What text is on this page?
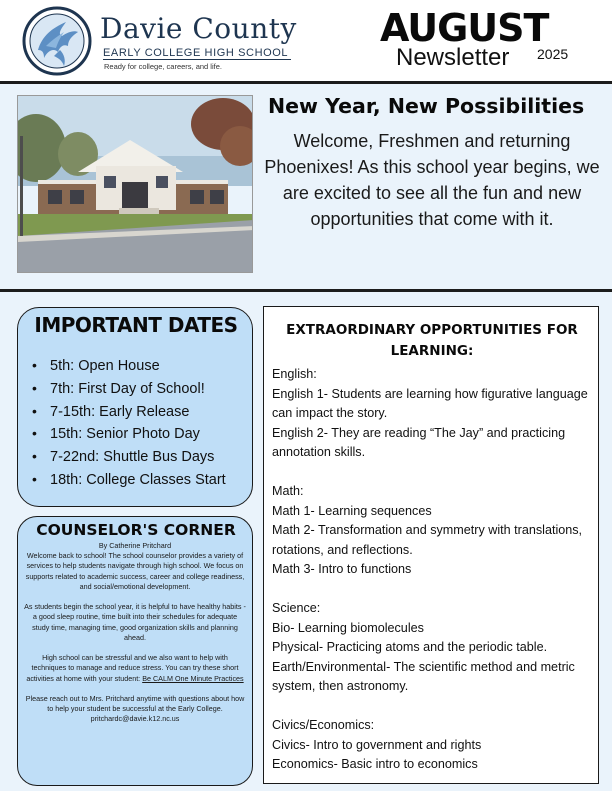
Davie County
EARLY COLLEGE HIGH SCHOOL
Ready for college, careers, and life.
AUGUST
Newsletter 2025
New Year, New Possibilities
Welcome, Freshmen and returning Phoenixes! As this school year begins, we are excited to see all the fun and new opportunities that come with it.
IMPORTANT DATES
• 5th: Open House
• 7th: First Day of School!
• 7-15th: Early Release
• 15th: Senior Photo Day
• 7-22nd: Shuttle Bus Days
• 18th: College Classes Start
COUNSELOR'S CORNER

By Catherine Pritchard

Welcome back to school! The school counselor provides a variety of services to help students navigate through high school. We focus on supports related to academic success, career and college readiness, and social/emotional development.

As students begin the school year, it is helpful to have healthy habits - a good sleep routine, time built into their schedules for adequate study time, managing time, good organization skills and planning ahead.

High school can be stressful and we also want to help with techniques to manage and reduce stress. You can try these short activities at home with your student: Be CALM One Minute Practices

Please reach out to Mrs. Pritchard anytime with questions about how to help your student be successful at the Early College. pritchardc@davie.k12.nc.us

EXTRAORDINARY OPPORTUNITIES FOR LEARNING:
English:
English 1- Students are learning how figurative language can impact the story.
English 2- They are reading “The Jay” and practicing annotation skills.
Math:
Math 1- Learning sequences
Math 2- Transformation and symmetry with translations, rotations, and reflections.
Math 3- Intro to functions
Science:
Bio- Learning biomolecules
Physical- Practicing atoms and the periodic table.
Earth/Environmental- The scientific method and metric system, then astronomy.
Civics/Economics:
Civics- Intro to government and rights
Economics- Basic intro to economics
